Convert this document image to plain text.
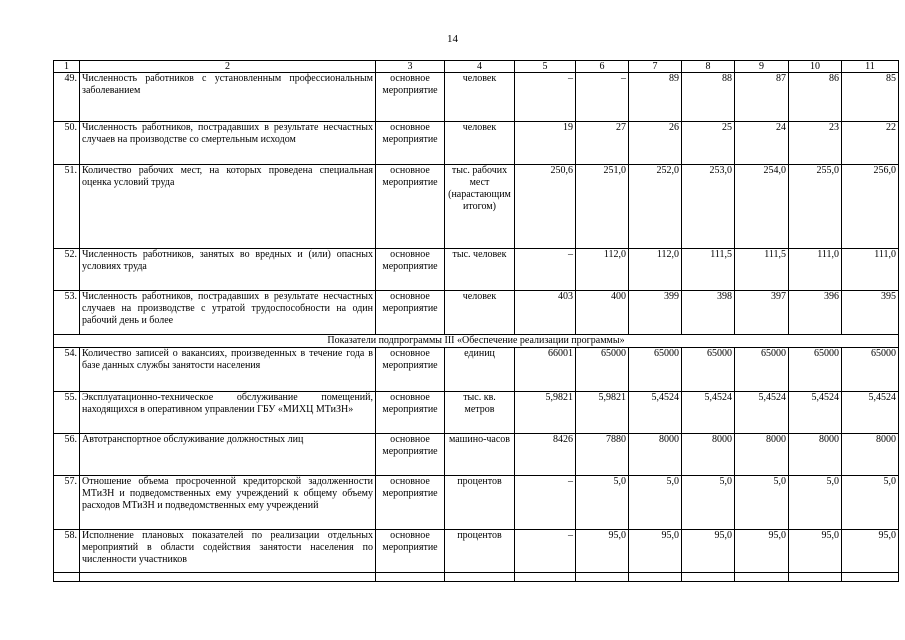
14
1	2	3	4	5	6	7	8	9	10	11
49.	Численность работников с установленным профессиональным заболеванием	основное мероприятие	человек	–	–	89	88	87	86	85
50.	Численность работников, пострадавших в результате несчастных случаев на производстве со смертельным исходом	основное мероприятие	человек	19	27	26	25	24	23	22
51.	Количество рабочих мест, на которых проведена специальная оценка условий труда	основное мероприятие	тыс. рабочих мест (нарастающим итогом)	250,6	251,0	252,0	253,0	254,0	255,0	256,0
52.	Численность работников, занятых во вредных и (или) опасных условиях труда	основное мероприятие	тыс. человек	–	112,0	112,0	111,5	111,5	111,0	111,0
53.	Численность работников, пострадавших в результате несчастных случаев на производстве с утратой трудоспособности на один рабочий день и более	основное мероприятие	человек	403	400	399	398	397	396	395
Показатели подпрограммы III «Обеспечение реализации программы»										
54.	Количество записей о вакансиях, произведенных в течение года в базе данных службы занятости населения	основное мероприятие	единиц	66001	65000	65000	65000	65000	65000	65000
55.	Эксплуатационно-техническое обслуживание помещений, находящихся в оперативном управлении ГБУ «МИХЦ МТиЗН»	основное мероприятие	тыс. кв. метров	5,9821	5,9821	5,4524	5,4524	5,4524	5,4524	5,4524
56.	Автотранспортное обслуживание должностных лиц	основное мероприятие	машино-часов	8426	7880	8000	8000	8000	8000	8000
57.	Отношение объема просроченной кредиторской задолженности МТиЗН и подведомственных ему учреждений к общему объему расходов МТиЗН и подведомственных ему учреждений	основное мероприятие	процентов	–	5,0	5,0	5,0	5,0	5,0	5,0
58.	Исполнение плановых показателей по реализации отдельных мероприятий в области содействия занятости населения по численности участников	основное мероприятие	процентов	–	95,0	95,0	95,0	95,0	95,0	95,0
